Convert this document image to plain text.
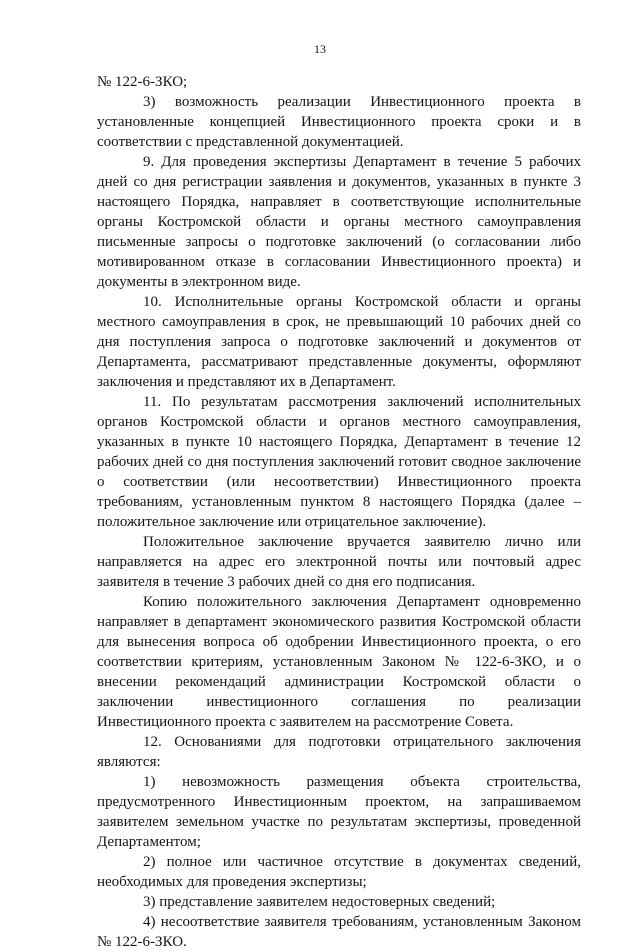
13

№ 122-6-ЗКО;

3) возможность реализации Инвестиционного проекта в установленные концепцией Инвестиционного проекта сроки и в соответствии с представленной документацией.

9. Для проведения экспертизы Департамент в течение 5 рабочих дней со дня регистрации заявления и документов, указанных в пункте 3 настоящего Порядка, направляет в соответствующие исполнительные органы Костромской области и органы местного самоуправления письменные запросы о подготовке заключений (о согласовании либо мотивированном отказе в согласовании Инвестиционного проекта) и документы в электронном виде.

10. Исполнительные органы Костромской области и органы местного самоуправления в срок, не превышающий 10 рабочих дней со дня поступления запроса о подготовке заключений и документов от Департамента, рассматривают представленные документы, оформляют заключения и представляют их в Департамент.

11. По результатам рассмотрения заключений исполнительных органов Костромской области и органов местного самоуправления, указанных в пункте 10 настоящего Порядка, Департамент в течение 12 рабочих дней со дня поступления заключений готовит сводное заключение о соответствии (или несоответствии) Инвестиционного проекта требованиям, установленным пунктом 8 настоящего Порядка (далее – положительное заключение или отрицательное заключение).

Положительное заключение вручается заявителю лично или направляется на адрес его электронной почты или почтовый адрес заявителя в течение 3 рабочих дней со дня его подписания.

Копию положительного заключения Департамент одновременно направляет в департамент экономического развития Костромской области для вынесения вопроса об одобрении Инвестиционного проекта, о его соответствии критериям, установленным Законом № 122-6-ЗКО, и о внесении рекомендаций администрации Костромской области о заключении инвестиционного соглашения по реализации Инвестиционного проекта с заявителем на рассмотрение Совета.

12. Основаниями для подготовки отрицательного заключения являются:

1) невозможность размещения объекта строительства, предусмотренного Инвестиционным проектом, на запрашиваемом заявителем земельном участке по результатам экспертизы, проведенной Департаментом;

2) полное или частичное отсутствие в документах сведений, необходимых для проведения экспертизы;

3) представление заявителем недостоверных сведений;

4) несоответствие заявителя требованиям, установленным Законом № 122-6-ЗКО.
